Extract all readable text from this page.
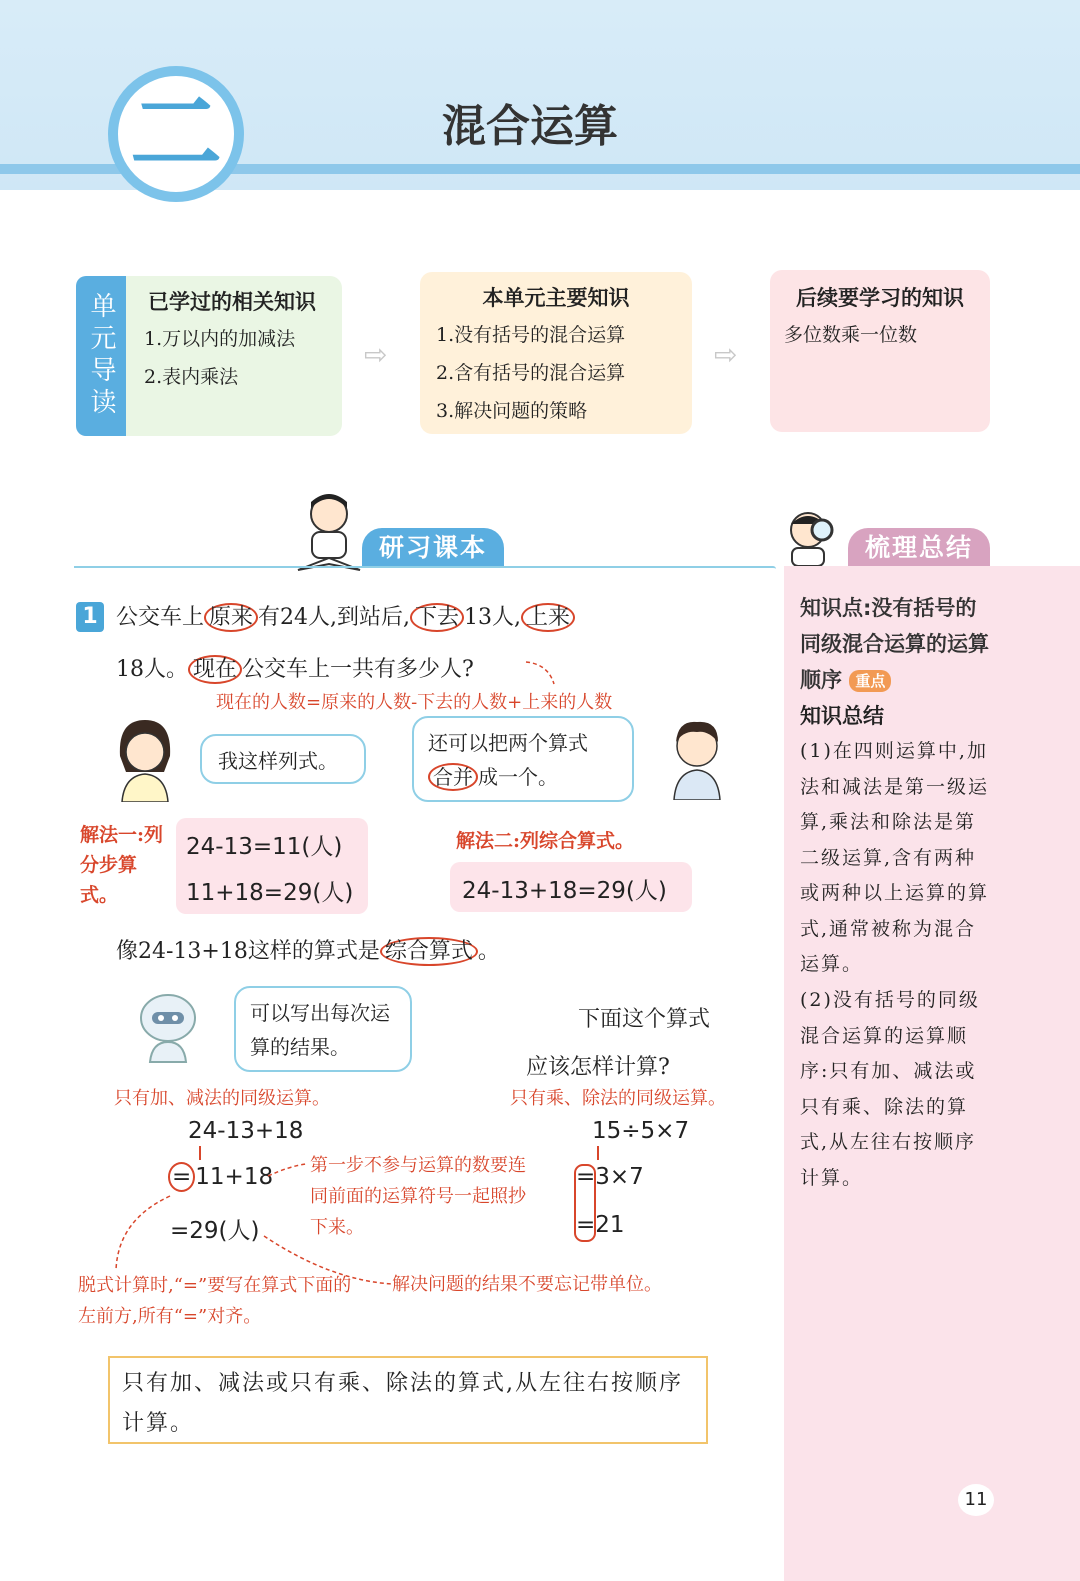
二	混合运算
单元导读	已学过的相关知识
1.万以内的加减法
2.表内乘法
⇨
本单元主要知识
1.没有括号的混合运算
2.含有括号的混合运算
3.解决问题的策略
⇨
后续要学习的知识
多位数乘一位数
研习课本	梳理总结
知识点:没有括号的同级混合运算的运算顺序 重点
知识总结
(1)在四则运算中,加法和减法是第一级运算,乘法和除法是第二级运算,含有两种或两种以上运算的算式,通常被称为混合运算。
(2)没有括号的同级混合运算的运算顺序:只有加、减法或只有乘、除法的算式,从左往右按顺序计算。
1 公交车上 原来 有24人,到站后, 下去 13人, 上来
18人。 现在 公交车上一共有多少人?
现在的人数=原来的人数-下去的人数+上来的人数
我这样列式。
还可以把两个算式
合并 成一个。
解法一:列分步算式。
24-13=11(人)
11+18=29(人)
解法二:列综合算式。
24-13+18=29(人)
像24-13+18这样的算式是 综合算式 。
可以写出每次运算的结果。
下面这个算式
应该怎样计算?
只有加、减法的同级运算。	只有乘、除法的同级运算。
24-13+18
= 11+18
=29(人)
15÷5×7
=3×7
=21
第一步不参与运算的数要连同前面的运算符号一起照抄下来。
脱式计算时,“=”要写在算式下面的左前方,所有“=”对齐。
解决问题的结果不要忘记带单位。
只有加、减法或只有乘、除法的算式,从左往右按顺序计算。
11
